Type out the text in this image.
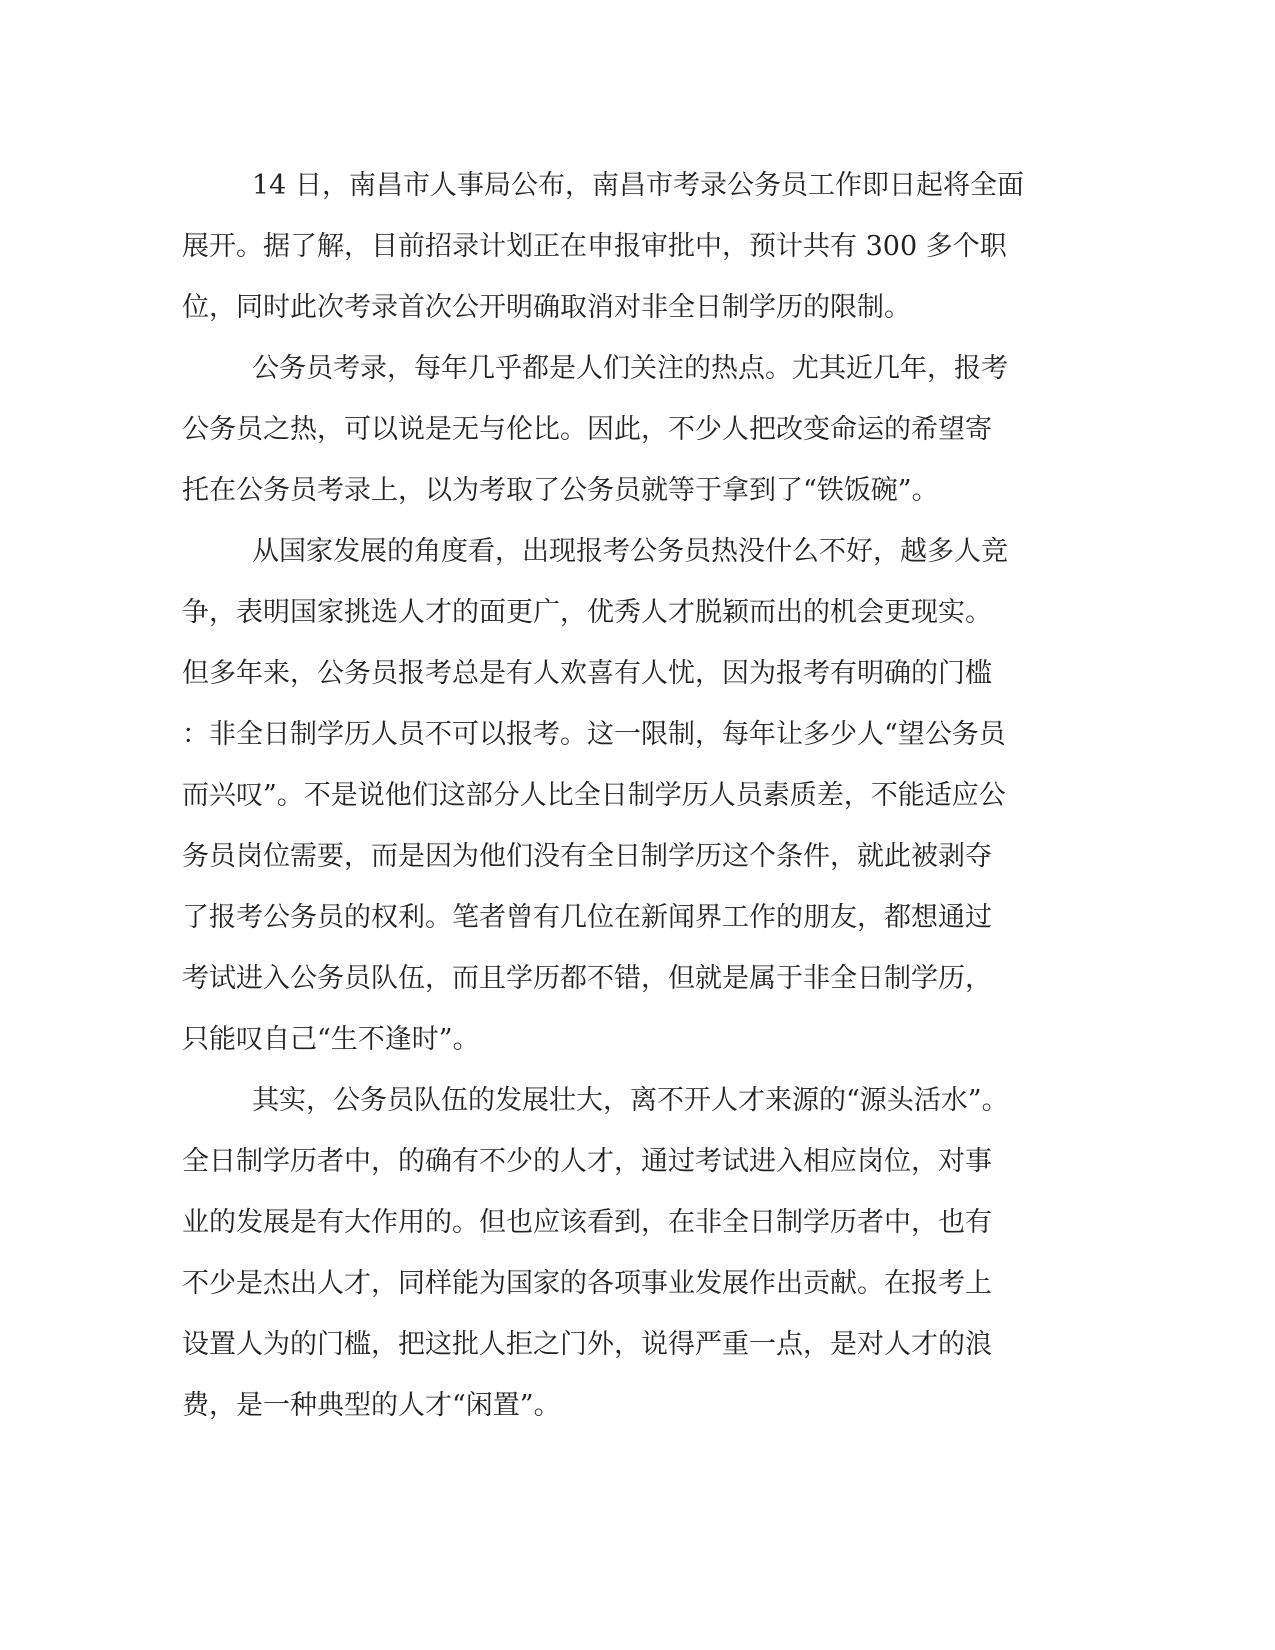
14 日，南昌市人事局公布，南昌市考录公务员工作即日起将全面

展开。据了解，目前招录计划正在申报审批中，预计共有 300 多个职

位，同时此次考录首次公开明确取消对非全日制学历的限制。

公务员考录，每年几乎都是人们关注的热点。尤其近几年，报考

公务员之热，可以说是无与伦比。因此，不少人把改变命运的希望寄

托在公务员考录上，以为考取了公务员就等于拿到了“铁饭碗”。

从国家发展的角度看，出现报考公务员热没什么不好，越多人竞

争，表明国家挑选人才的面更广，优秀人才脱颖而出的机会更现实。

但多年来，公务员报考总是有人欢喜有人忧，因为报考有明确的门槛

：非全日制学历人员不可以报考。这一限制，每年让多少人“望公务员

而兴叹”。不是说他们这部分人比全日制学历人员素质差，不能适应公

务员岗位需要，而是因为他们没有全日制学历这个条件，就此被剥夺

了报考公务员的权利。笔者曾有几位在新闻界工作的朋友，都想通过

考试进入公务员队伍，而且学历都不错，但就是属于非全日制学历，

只能叹自己“生不逢时”。

其实，公务员队伍的发展壮大，离不开人才来源的“源头活水”。

全日制学历者中，的确有不少的人才，通过考试进入相应岗位，对事

业的发展是有大作用的。但也应该看到，在非全日制学历者中，也有

不少是杰出人才，同样能为国家的各项事业发展作出贡献。在报考上

设置人为的门槛，把这批人拒之门外，说得严重一点，是对人才的浪

费，是一种典型的人才“闲置”。
